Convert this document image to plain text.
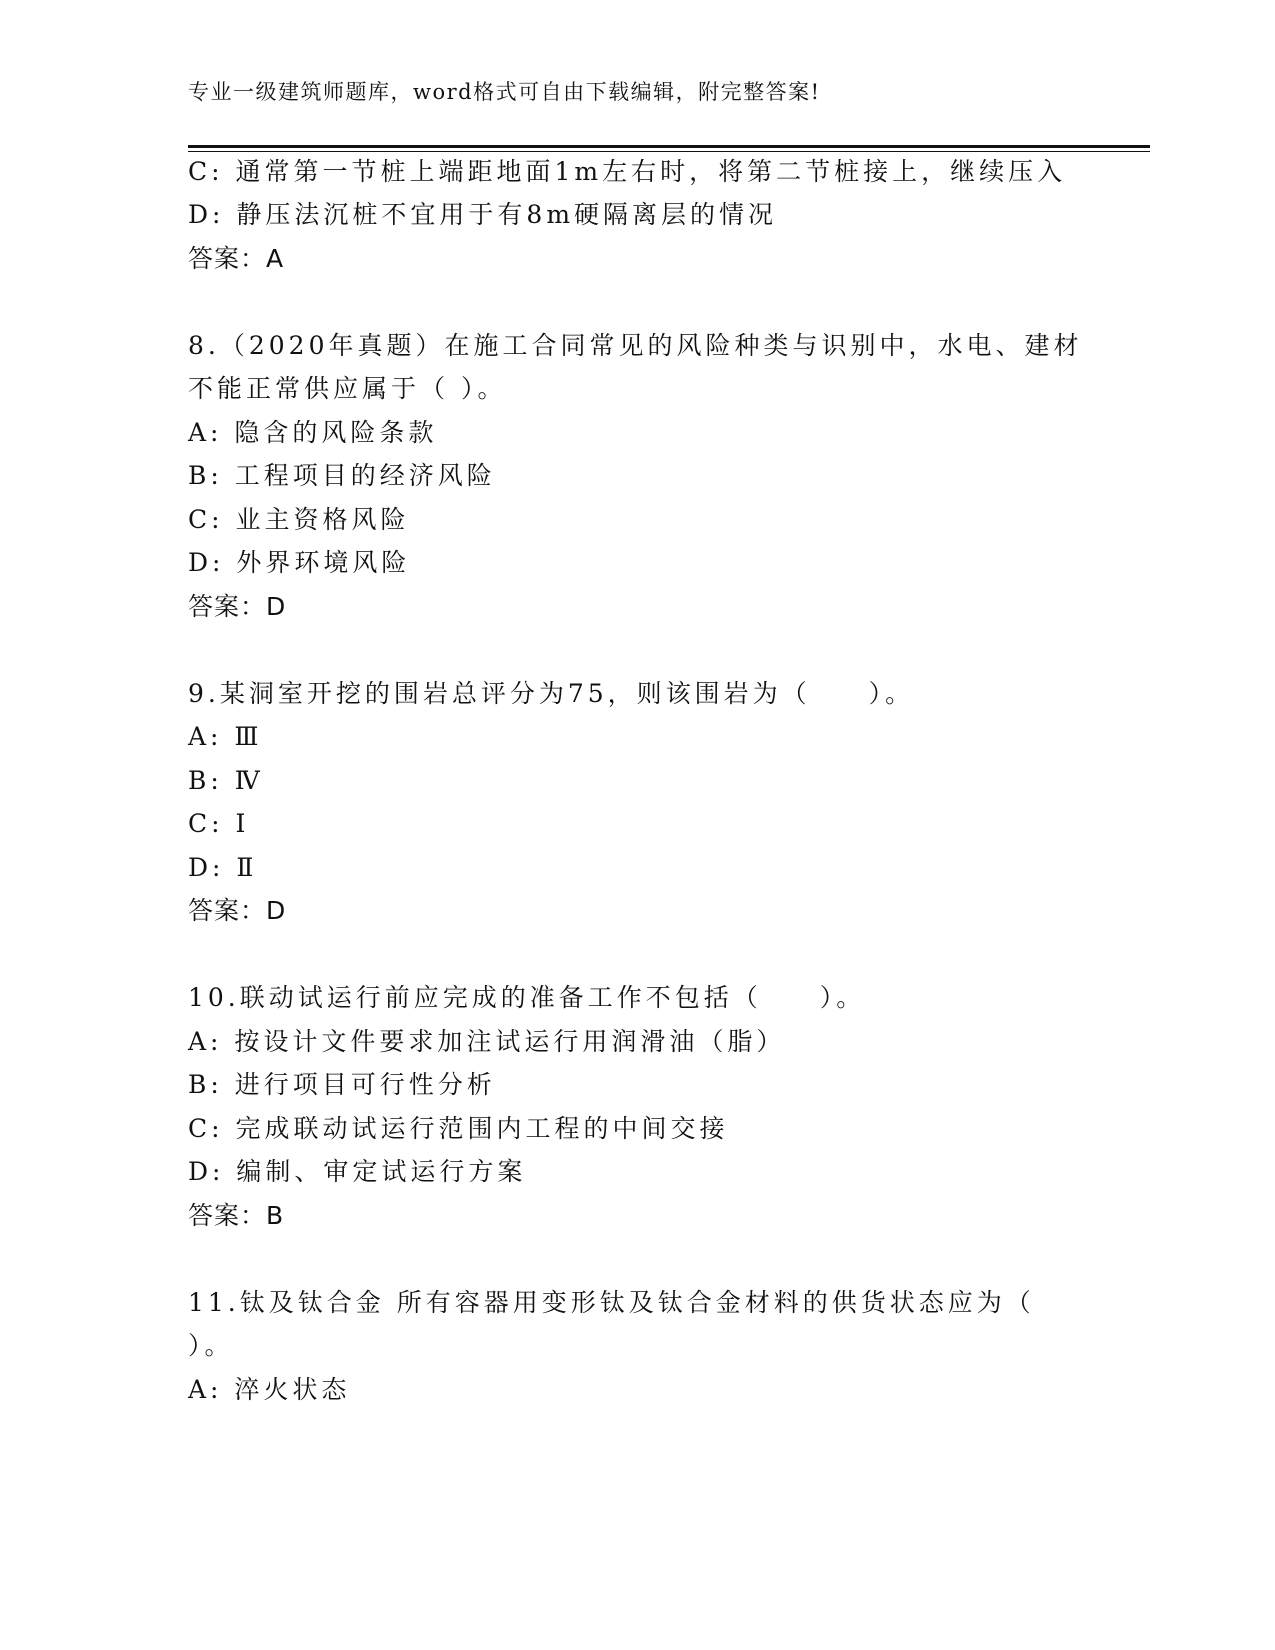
专业一级建筑师题库，word格式可自由下载编辑，附完整答案!
C: 通常第一节桩上端距地面1m左右时，将第二节桩接上，继续压入
D: 静压法沉桩不宜用于有8m硬隔离层的情况
答案：A
8.（2020年真题）在施工合同常见的风险种类与识别中，水电、建材
不能正常供应属于（ ）。
A: 隐含的风险条款
B: 工程项目的经济风险
C: 业主资格风险
D: 外界环境风险
答案：D
9.某洞室开挖的围岩总评分为75，则该围岩为（　　）。
A: Ⅲ
B: Ⅳ
C: Ⅰ
D: Ⅱ
答案：D
10.联动试运行前应完成的准备工作不包括（　　）。
A: 按设计文件要求加注试运行用润滑油（脂）
B: 进行项目可行性分析
C: 完成联动试运行范围内工程的中间交接
D: 编制、审定试运行方案
答案：B
11.钛及钛合金 所有容器用变形钛及钛合金材料的供货状态应为（
）。
A: 淬火状态
